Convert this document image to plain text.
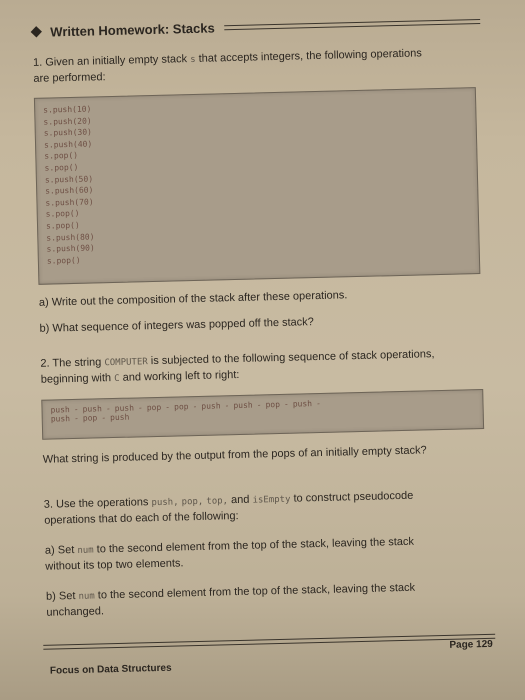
Written Homework: Stacks
1. Given an initially empty stack s that accepts integers, the following operations
are performed:
s.push(10)
s.push(20)
s.push(30)
s.push(40)
s.pop()
s.pop()
s.push(50)
s.push(60)
s.push(70)
s.pop()
s.pop()
s.push(80)
s.push(90)
s.pop()
a) Write out the composition of the stack after these operations.
b) What sequence of integers was popped off the stack?
2. The string COMPUTER is subjected to the following sequence of stack operations,
beginning with C and working left to right:
push - push - push - pop - pop - push - push - pop - push -
push - pop - push
What string is produced by the output from the pops of an initially empty stack?
3. Use the operations push, pop, top, and isEmpty to construct pseudocode
operations that do each of the following:
a) Set num to the second element from the top of the stack, leaving the stack
without its top two elements.
b) Set num to the second element from the top of the stack, leaving the stack
unchanged.
Focus on Data Structures
Page 129
